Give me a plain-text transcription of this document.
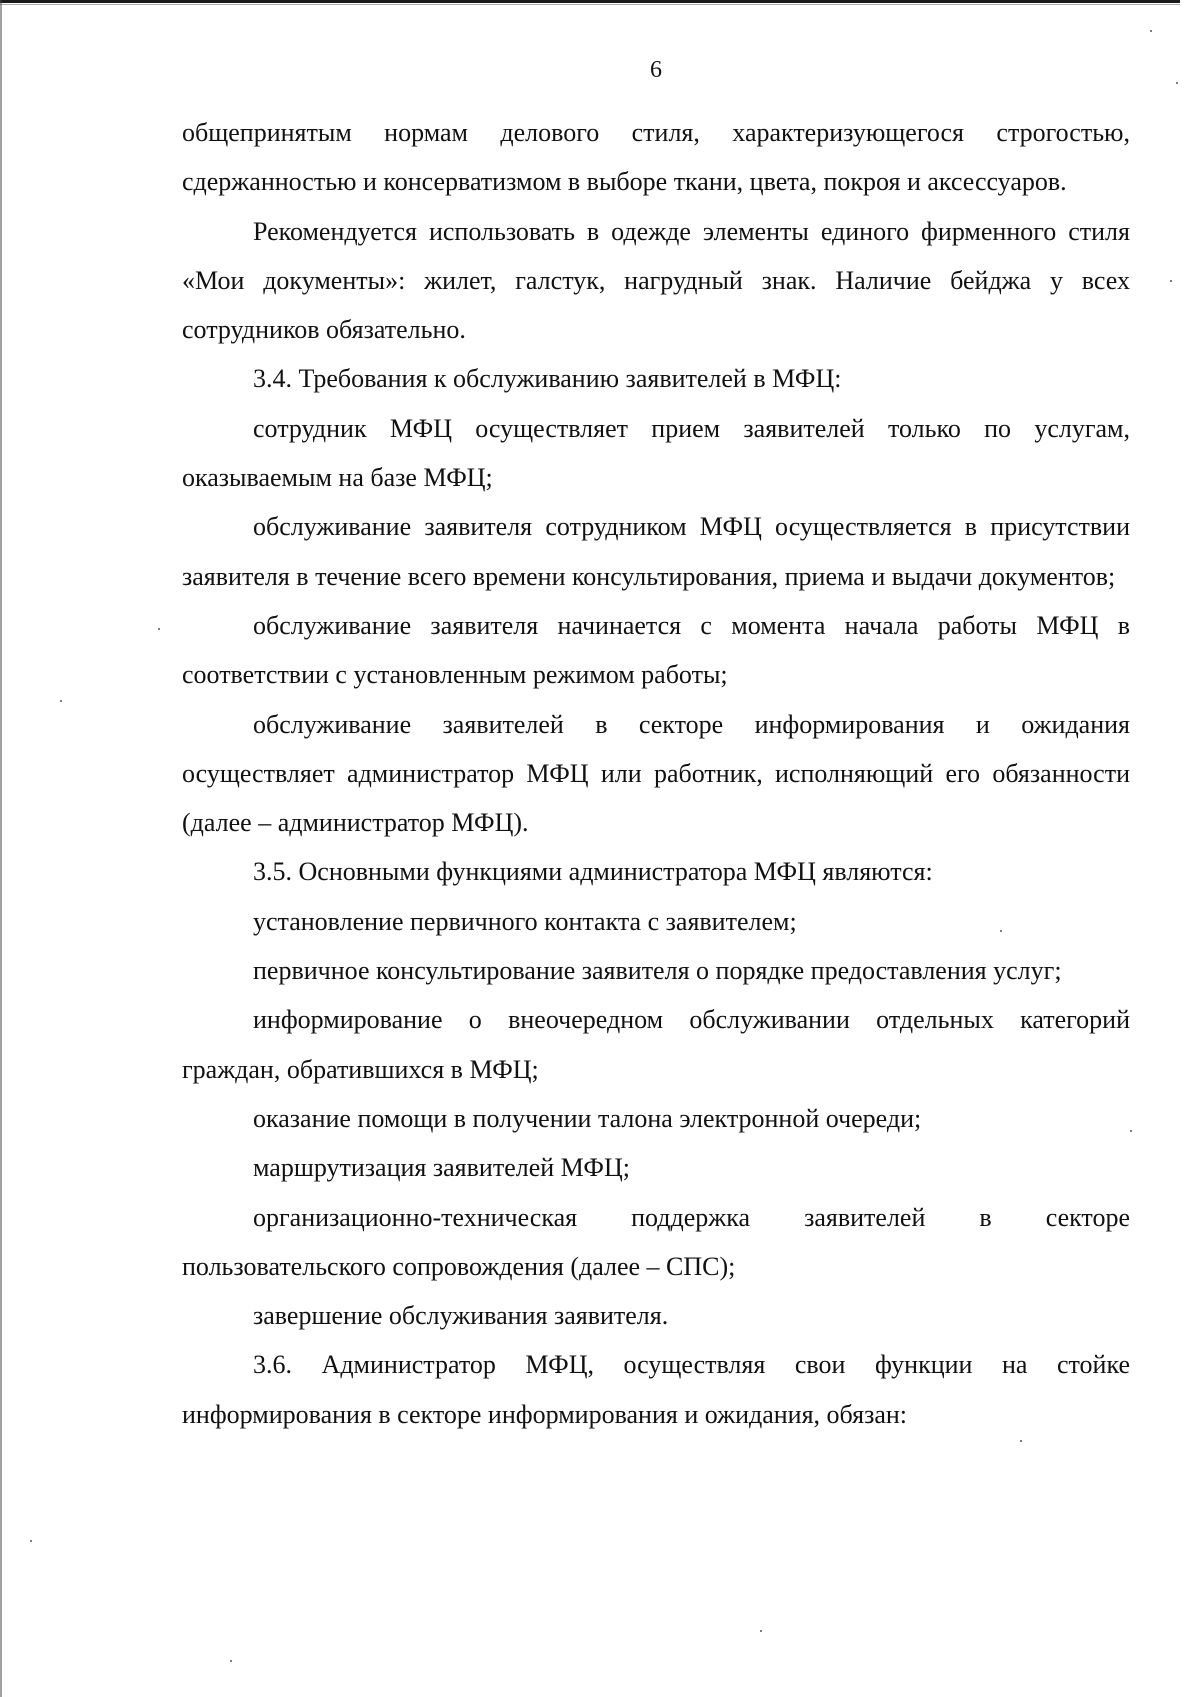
6

общепринятым нормам делового стиля, характеризующегося строгостью, сдержанностью и консерватизмом в выборе ткани, цвета, покроя и аксессуаров.

Рекомендуется использовать в одежде элементы единого фирменного стиля «Мои документы»: жилет, галстук, нагрудный знак. Наличие бейджа у всех сотрудников обязательно.

3.4. Требования к обслуживанию заявителей в МФЦ:

сотрудник МФЦ осуществляет прием заявителей только по услугам, оказываемым на базе МФЦ;

обслуживание заявителя сотрудником МФЦ осуществляется в присутствии заявителя в течение всего времени консультирования, приема и выдачи документов;

обслуживание заявителя начинается с момента начала работы МФЦ в соответствии с установленным режимом работы;

обслуживание заявителей в секторе информирования и ожидания осуществляет администратор МФЦ или работник, исполняющий его обязанности (далее – администратор МФЦ).

3.5. Основными функциями администратора МФЦ являются:

установление первичного контакта с заявителем;

первичное консультирование заявителя о порядке предоставления услуг;

информирование о внеочередном обслуживании отдельных категорий граждан, обратившихся в МФЦ;

оказание помощи в получении талона электронной очереди;

маршрутизация заявителей МФЦ;

организационно-техническая поддержка заявителей в секторе пользовательского сопровождения (далее – СПС);

завершение обслуживания заявителя.

3.6. Администратор МФЦ, осуществляя свои функции на стойке информирования в секторе информирования и ожидания, обязан:
